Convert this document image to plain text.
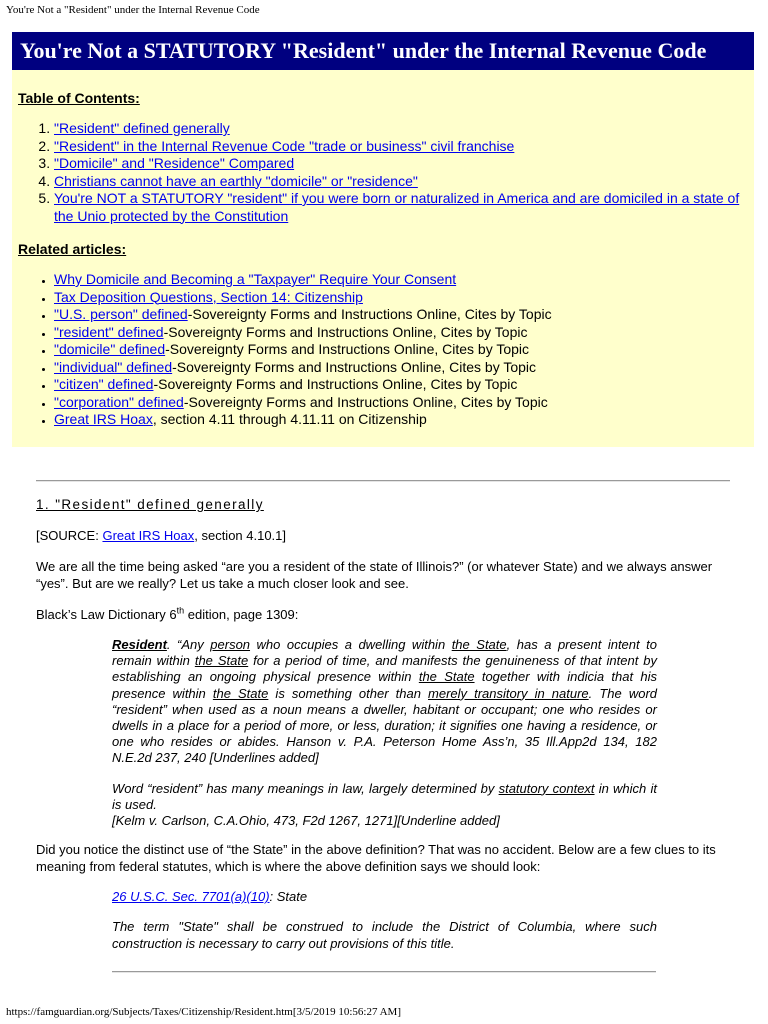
You're Not a "Resident" under the Internal Revenue Code
You're Not a STATUTORY "Resident" under the Internal Revenue Code

Table of Contents:

1. "Resident" defined generally
2. "Resident" in the Internal Revenue Code "trade or business" civil franchise
3. "Domicile" and "Residence" Compared
4. Christians cannot have an earthly "domicile" or "residence"
5. You're NOT a STATUTORY "resident" if you were born or naturalized in America and are domiciled in a state of the Unio protected by the Constitution

Related articles:

• Why Domicile and Becoming a "Taxpayer" Require Your Consent
• Tax Deposition Questions, Section 14: Citizenship
• "U.S. person" defined-Sovereignty Forms and Instructions Online, Cites by Topic
• "resident" defined-Sovereignty Forms and Instructions Online, Cites by Topic
• "domicile" defined-Sovereignty Forms and Instructions Online, Cites by Topic
• "individual" defined-Sovereignty Forms and Instructions Online, Cites by Topic
• "citizen" defined-Sovereignty Forms and Instructions Online, Cites by Topic
• "corporation" defined-Sovereignty Forms and Instructions Online, Cites by Topic
• Great IRS Hoax, section 4.11 through 4.11.11 on Citizenship

1. "Resident" defined generally

[SOURCE: Great IRS Hoax, section 4.10.1]

We are all the time being asked “are you a resident of the state of Illinois?” (or whatever State) and we always answer “yes”. But are we really? Let us take a much closer look and see.

Black’s Law Dictionary 6th edition, page 1309:

Resident. “Any person who occupies a dwelling within the State, has a present intent to remain within the State for a period of time, and manifests the genuineness of that intent by establishing an ongoing physical presence within the State together with indicia that his presence within the State is something other than merely transitory in nature. The word “resident” when used as a noun means a dweller, habitant or occupant; one who resides or dwells in a place for a period of more, or less, duration; it signifies one having a residence, or one who resides or abides. Hanson v. P.A. Peterson Home Ass’n, 35 Ill.App2d 134, 182 N.E.2d 237, 240 [Underlines added]

Word “resident” has many meanings in law, largely determined by statutory context in which it is used.
[Kelm v. Carlson, C.A.Ohio, 473, F2d 1267, 1271][Underline added]

Did you notice the distinct use of “the State” in the above definition? That was no accident. Below are a few clues to its meaning from federal statutes, which is where the above definition says we should look:

26 U.S.C. Sec. 7701(a)(10): State

The term "State" shall be construed to include the District of Columbia, where such construction is necessary to carry out provisions of this title.

https://famguardian.org/Subjects/Taxes/Citizenship/Resident.htm[3/5/2019 10:56:27 AM]
